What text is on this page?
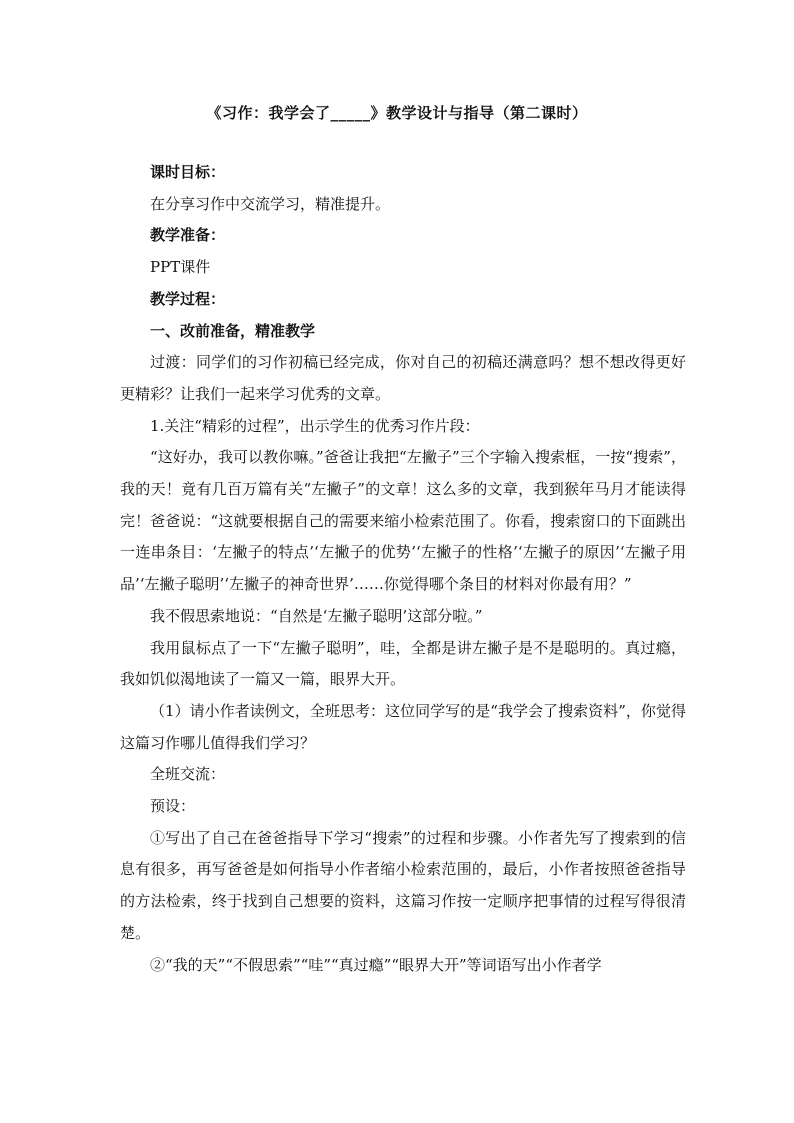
《习作：我学会了_____》教学设计与指导（第二课时）

课时目标：

在分享习作中交流学习，精准提升。

教学准备：

PPT课件

教学过程：

一、改前准备，精准教学

过渡：同学们的习作初稿已经完成，你对自己的初稿还满意吗？想不想改得更好更精彩？让我们一起来学习优秀的文章。

1.关注“精彩的过程”，出示学生的优秀习作片段：

“这好办，我可以教你嘛。”爸爸让我把“左撇子”三个字输入搜索框，一按“搜索”，我的天！竟有几百万篇有关“左撇子”的文章！这么多的文章，我到猴年马月才能读得完！爸爸说：“这就要根据自己的需要来缩小检索范围了。你看，搜索窗口的下面跳出一连串条目：‘左撇子的特点’‘左撇子的优势’‘左撇子的性格’‘左撇子的原因’‘左撇子用品’‘左撇子聪明’‘左撇子的神奇世界’……你觉得哪个条目的材料对你最有用？”

我不假思索地说：“自然是‘左撇子聪明’这部分啦。”

我用鼠标点了一下“左撇子聪明”，哇，全都是讲左撇子是不是聪明的。真过瘾，我如饥似渴地读了一篇又一篇，眼界大开。

（1）请小作者读例文，全班思考：这位同学写的是“我学会了搜索资料”，你觉得这篇习作哪儿值得我们学习？

全班交流：

预设：

①写出了自己在爸爸指导下学习“搜索”的过程和步骤。小作者先写了搜索到的信息有很多，再写爸爸是如何指导小作者缩小检索范围的，最后，小作者按照爸爸指导的方法检索，终于找到自己想要的资料，这篇习作按一定顺序把事情的过程写得很清楚。

②“我的天”“不假思索”“哇”“真过瘾”“眼界大开”等词语写出小作者学
